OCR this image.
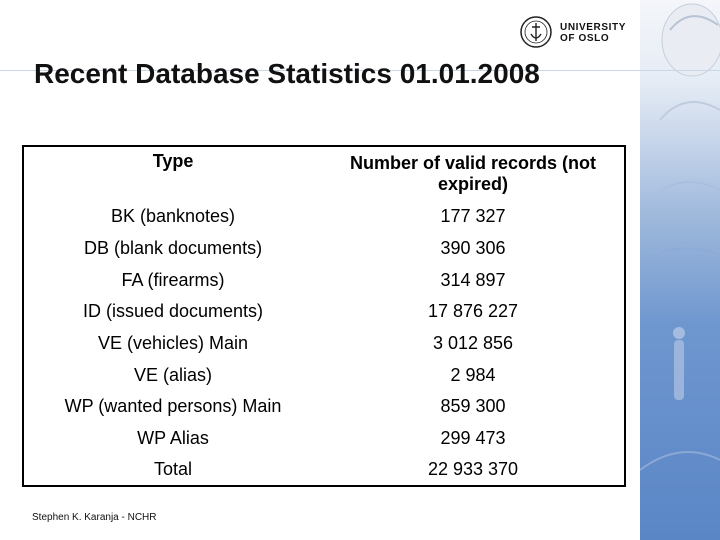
UNIVERSITY
OF OSLO
Recent Database Statistics 01.01.2008
Type	Number of valid records (not expired)
BK (banknotes)	177 327
DB (blank documents)	390 306
FA (firearms)	314 897
ID (issued documents)	17 876 227
VE (vehicles) Main	3 012 856
VE (alias)	2 984
WP (wanted persons) Main	859 300
WP Alias	299 473
Total	22 933 370
Stephen K. Karanja - NCHR
